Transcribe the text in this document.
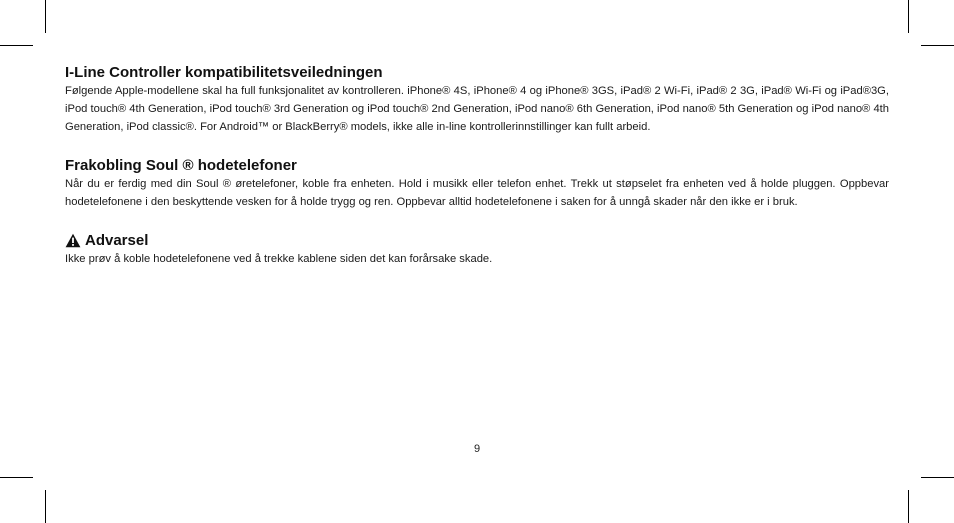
I-Line Controller kompatibilitetsveiledningen

Følgende Apple-modellene skal ha full funksjonalitet av kontrolleren. iPhone® 4S, iPhone® 4 og iPhone® 3GS, iPad® 2 Wi-Fi, iPad® 2 3G, iPad® Wi-Fi og iPad®3G, iPod touch® 4th Generation, iPod touch® 3rd Generation og iPod touch® 2nd Generation, iPod nano® 6th Generation, iPod nano® 5th Generation og iPod nano® 4th Generation, iPod classic®. For Android™ or BlackBerry® models, ikke alle in-line kontrollerinnstillinger kan fullt arbeid.

Frakobling Soul ® hodetelefoner

Når du er ferdig med din Soul ® øretelefoner, koble fra enheten. Hold i musikk eller telefon enhet. Trekk ut støpselet fra enheten ved å holde pluggen. Oppbevar hodetelefonene i den beskyttende vesken for å holde trygg og ren. Oppbevar alltid hodetelefonene i saken for å unngå skader når den ikke er i bruk.

Advarsel

Ikke prøv å koble hodetelefonene ved å trekke kablene siden det kan forårsake skade.

9
